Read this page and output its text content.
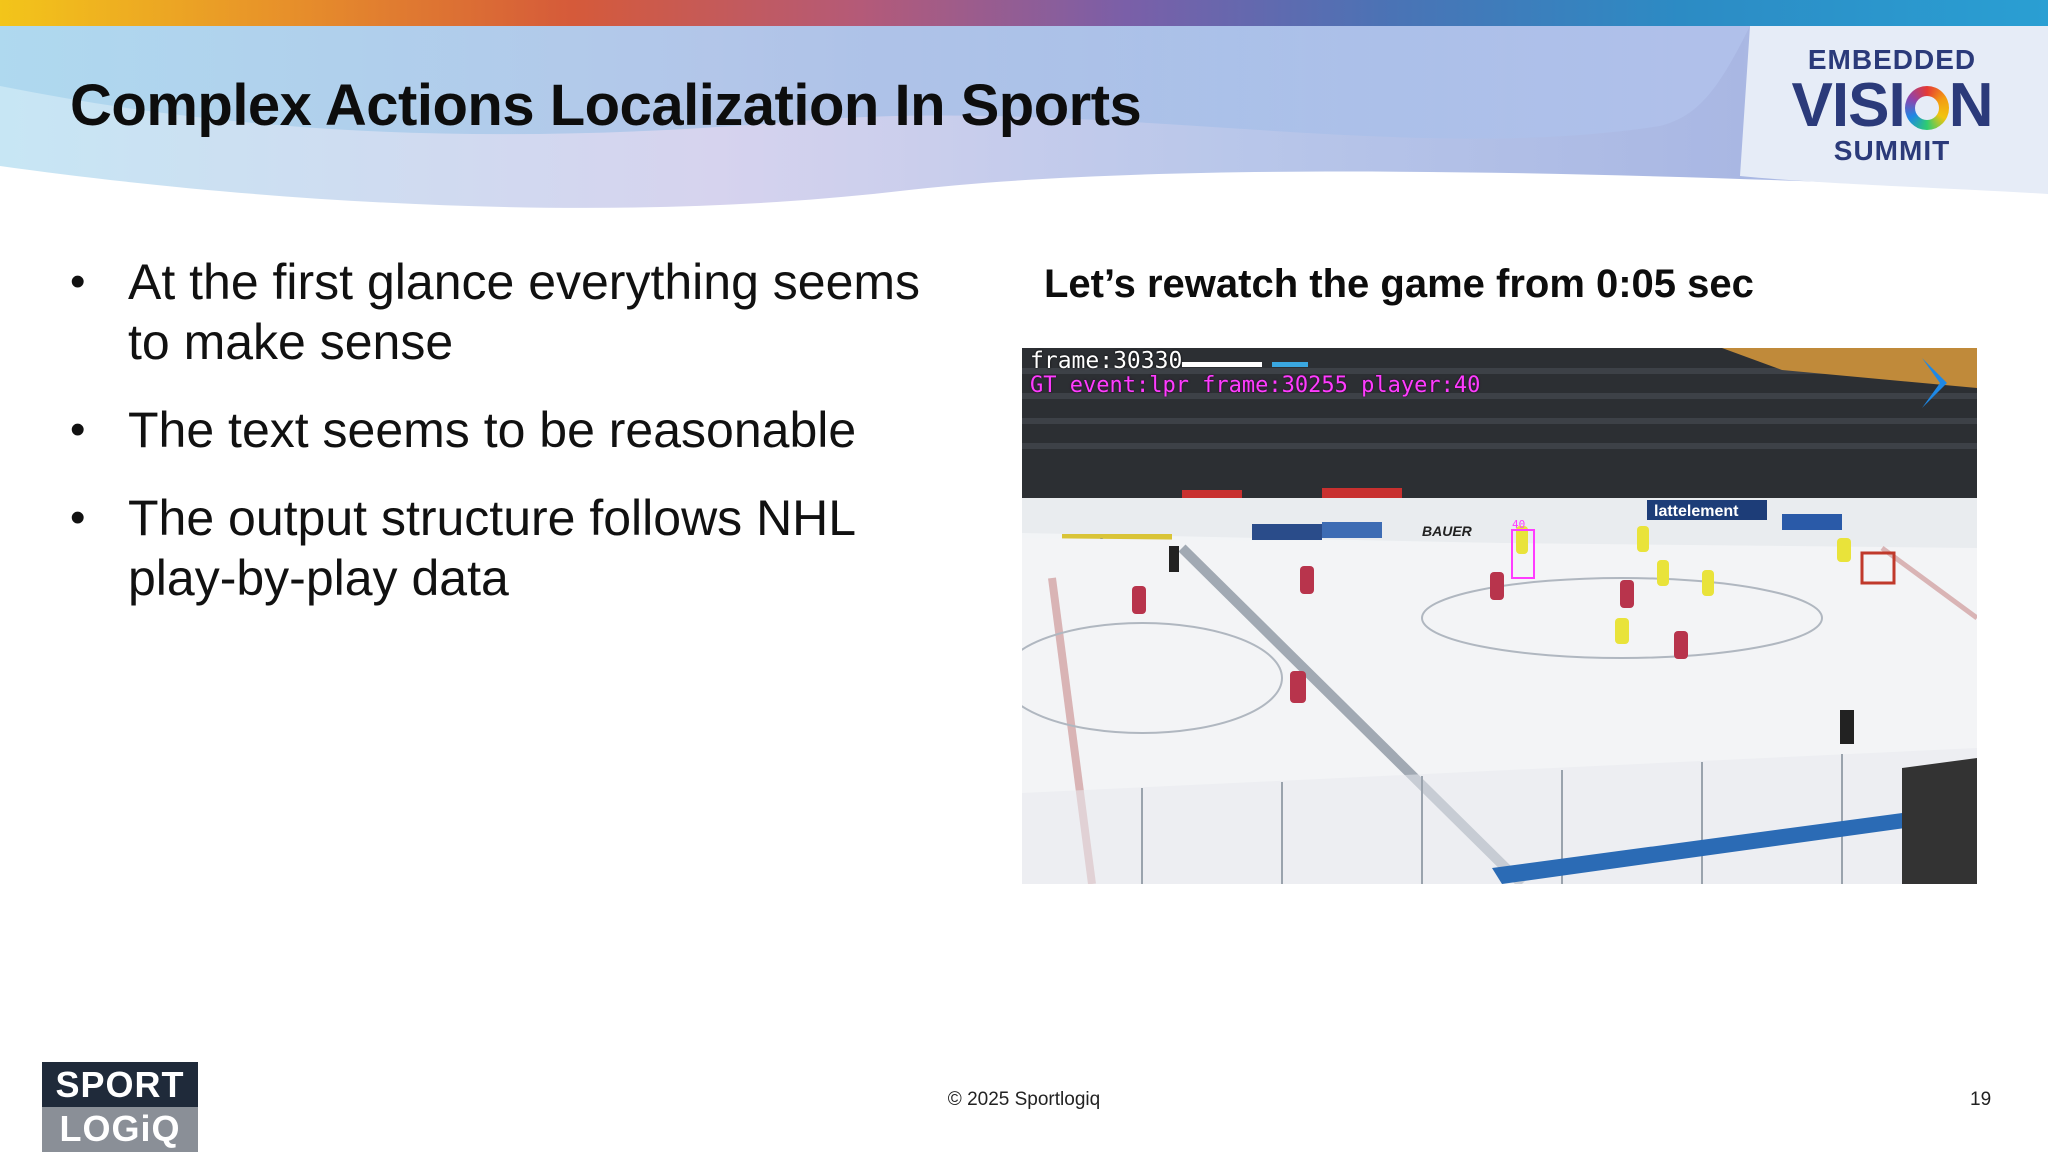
Complex Actions Localization In Sports
EMBEDDED
VISI N
SUMMIT
• At the first glance everything seems to make sense
• The text seems to be reasonable
• The output structure follows NHL play-by-play data
Let’s rewatch the game from 0:05 sec
BAUER
lattelement
40
frame:30330
GT event:lpr frame:30255 player:40
© 2025 Sportlogiq	19
SPORT
LOGiQ
